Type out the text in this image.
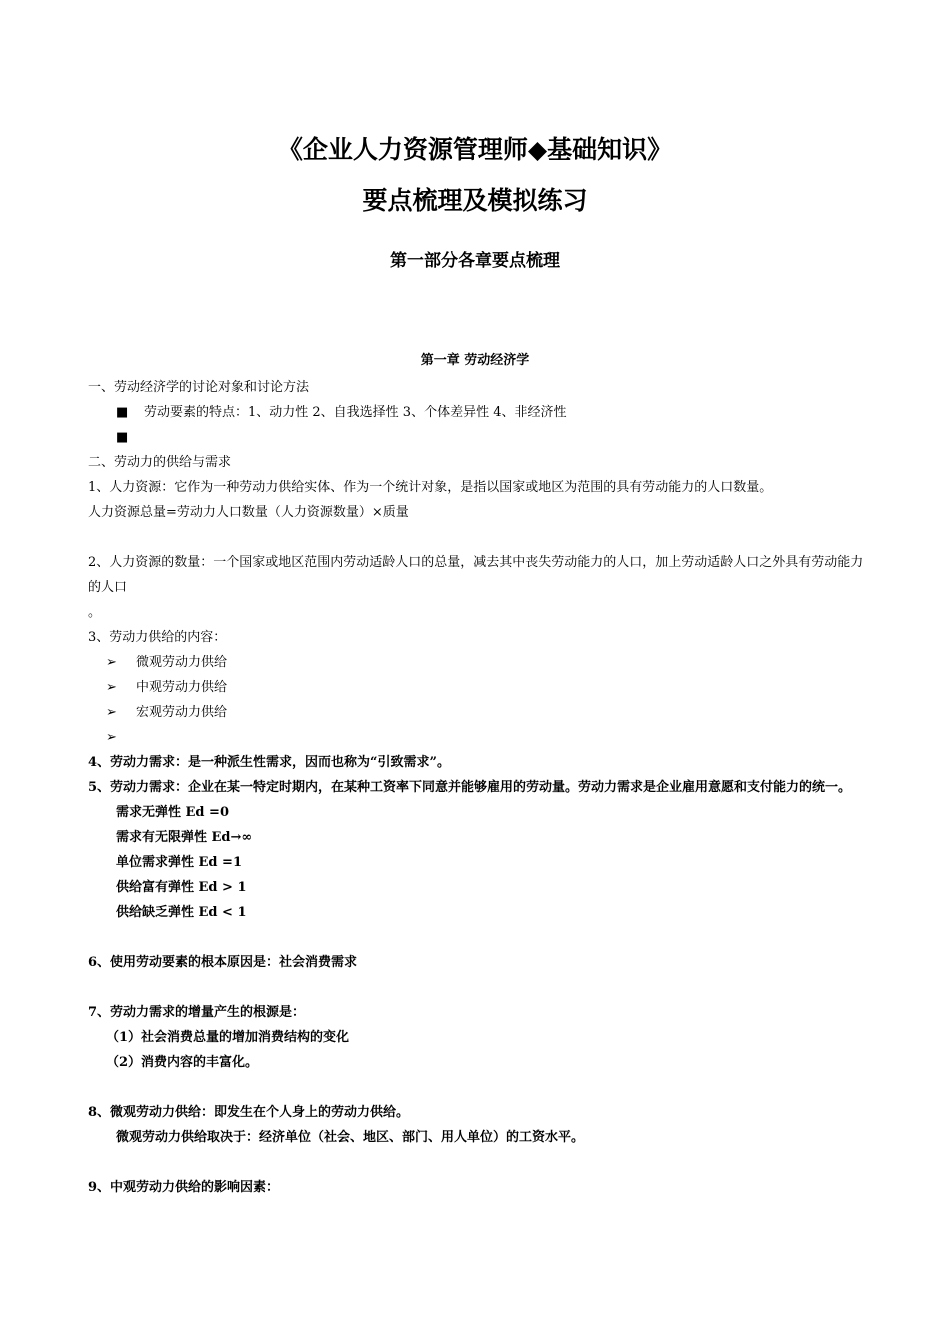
《企业人力资源管理师◆基础知识》
要点梳理及模拟练习
第一部分各章要点梳理
第一章 劳动经济学

一、劳动经济学的讨论对象和讨论方法

■ 劳动要素的特点：1、动力性 2、自我选择性 3、个体差异性 4、非经济性

■

二、劳动力的供给与需求

1、人力资源：它作为一种劳动力供给实体、作为一个统计对象，是指以国家或地区为范围的具有劳动能力的人口数量。

人力资源总量=劳动力人口数量（人力资源数量）×质量

2、人力资源的数量：一个国家或地区范围内劳动适龄人口的总量，减去其中丧失劳动能力的人口，加上劳动适龄人口之外具有劳动能力的人口

。

3、劳动力供给的内容：

➢ 微观劳动力供给

➢ 中观劳动力供给

➢ 宏观劳动力供给

➢

4、劳动力需求：是一种派生性需求，因而也称为“引致需求”。

5、劳动力需求：企业在某一特定时期内，在某种工资率下同意并能够雇用的劳动量。劳动力需求是企业雇用意愿和支付能力的统一。

需求无弹性 Ed =0

需求有无限弹性 Ed→∞

单位需求弹性 Ed =1

供给富有弹性 Ed > 1

供给缺乏弹性 Ed < 1

6、使用劳动要素的根本原因是：社会消费需求

7、劳动力需求的增量产生的根源是：

（1）社会消费总量的增加消费结构的变化

（2）消费内容的丰富化。

8、微观劳动力供给：即发生在个人身上的劳动力供给。

微观劳动力供给取决于：经济单位（社会、地区、部门、用人单位）的工资水平。

9、中观劳动力供给的影响因素：
